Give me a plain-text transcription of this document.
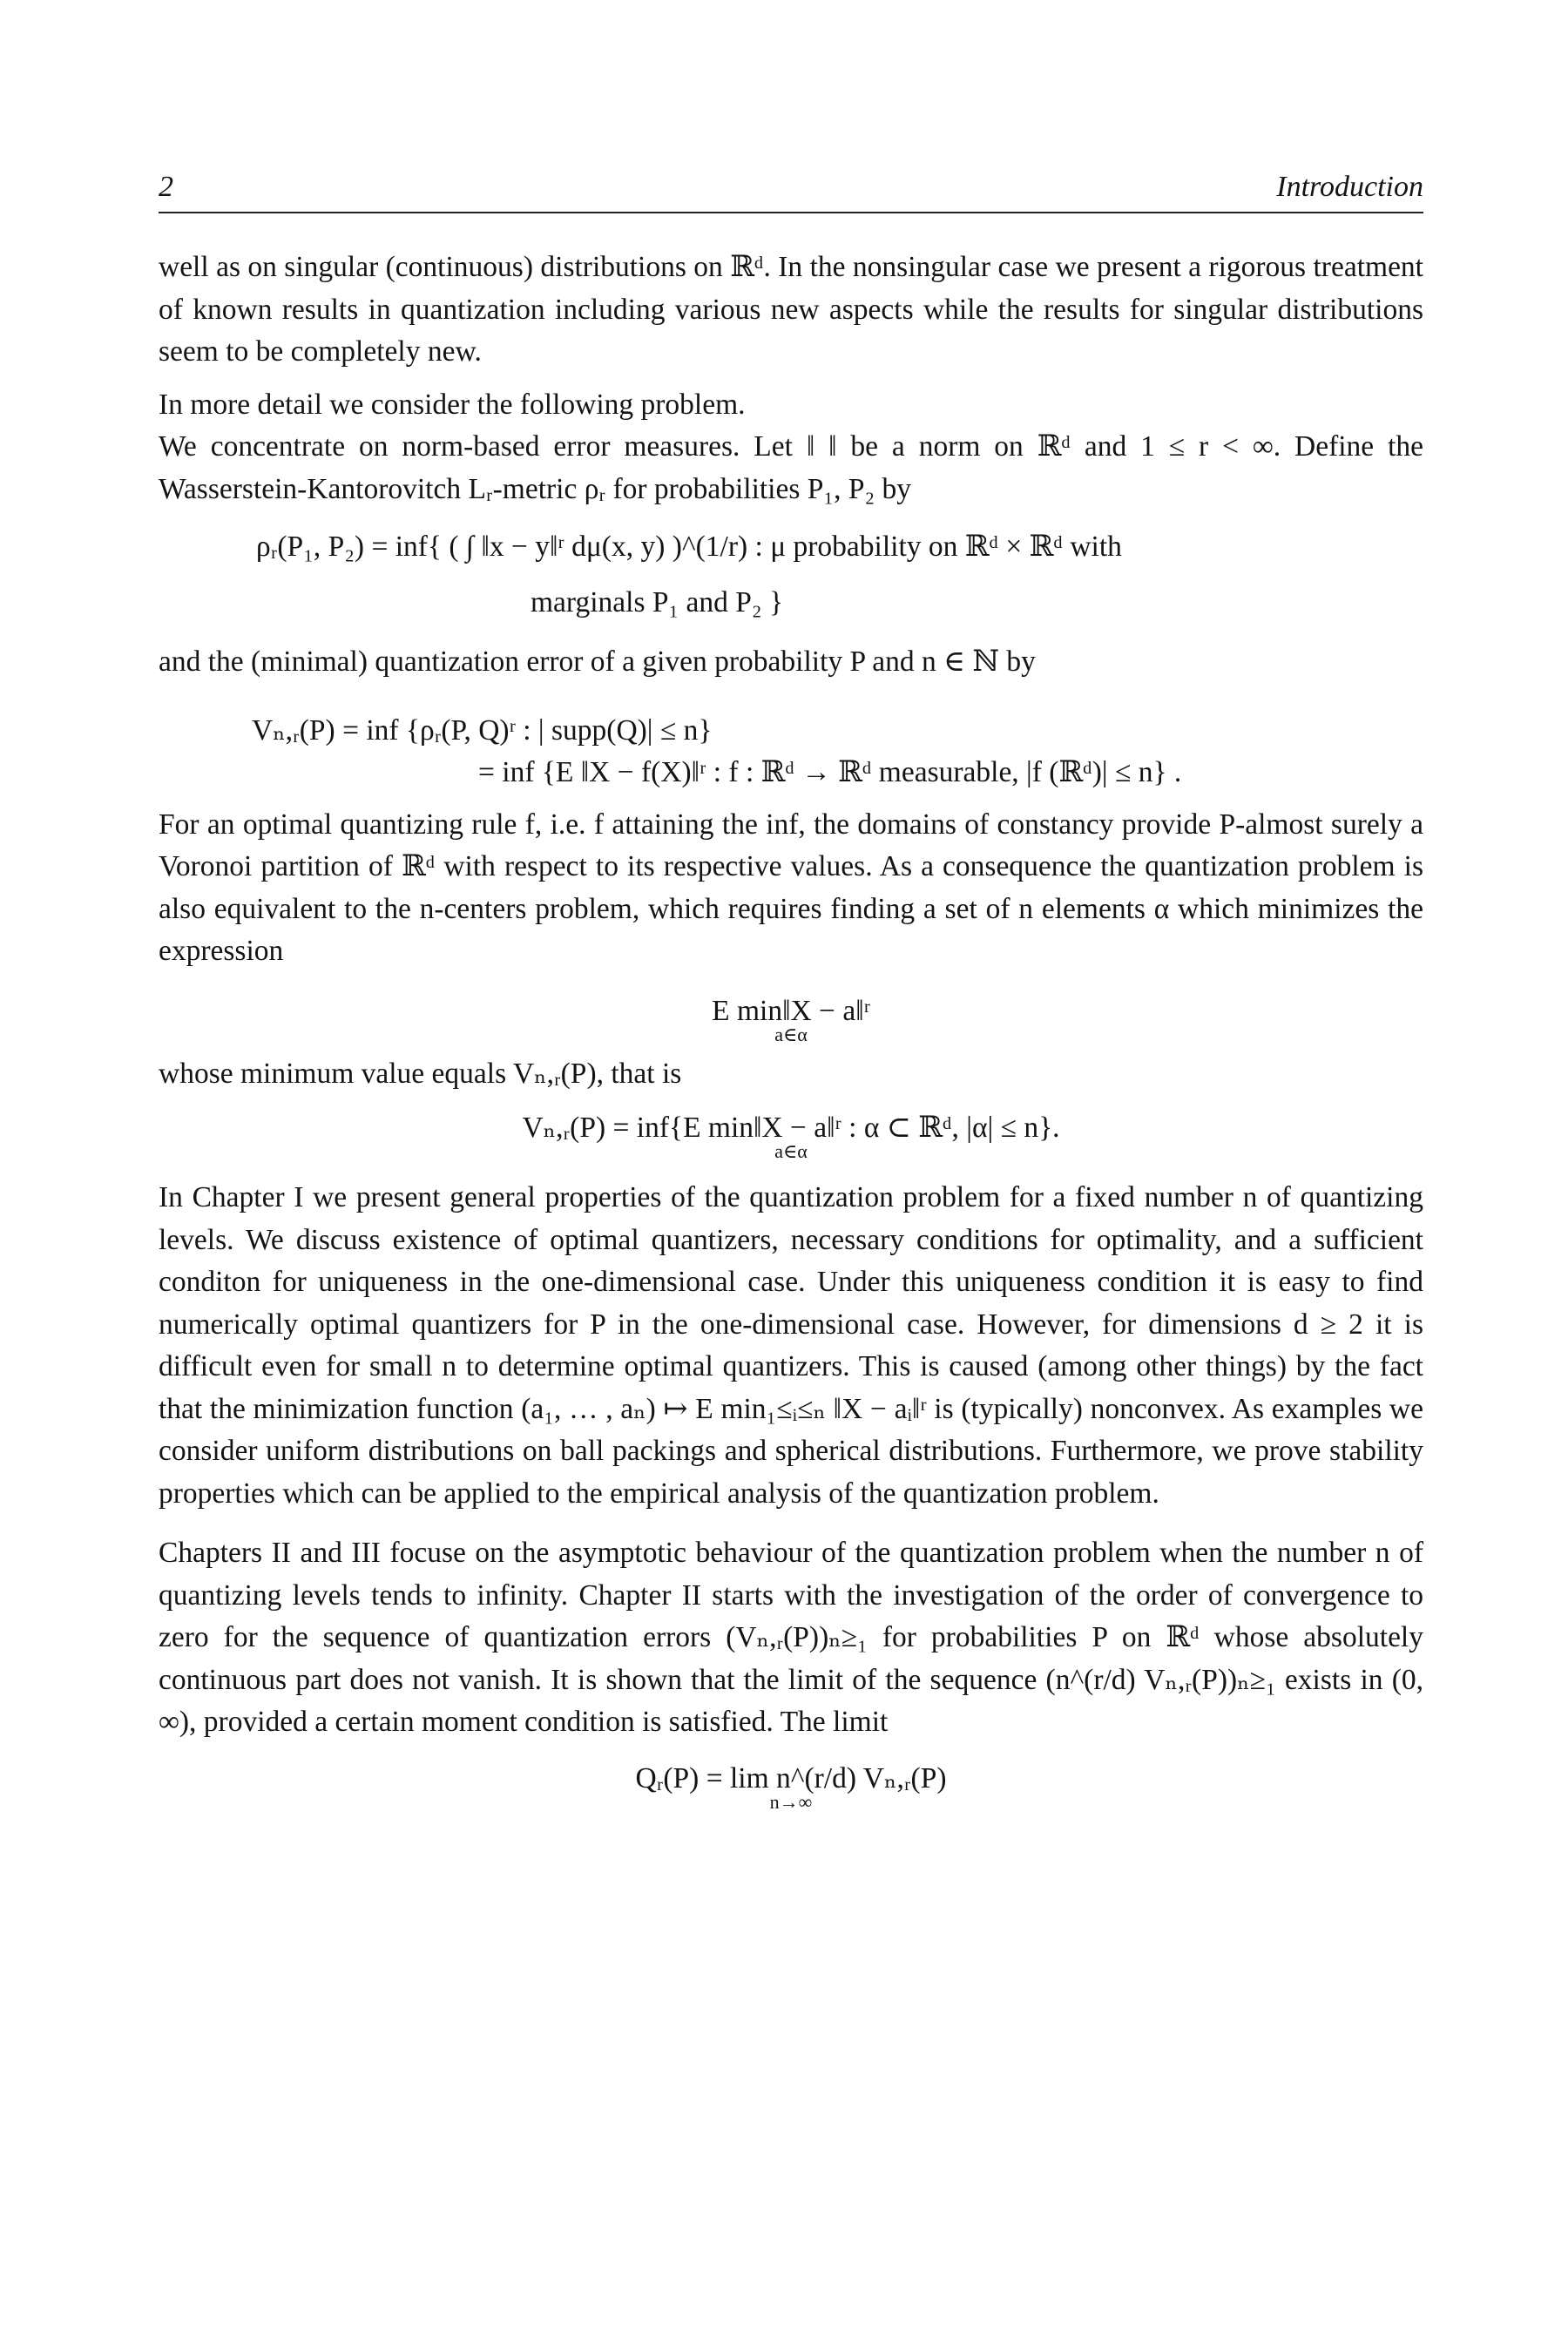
2	Introduction

well as on singular (continuous) distributions on ℝᵈ. In the nonsingular case we present a rigorous treatment of known results in quantization including various new aspects while the results for singular distributions seem to be completely new.

In more detail we consider the following problem.

We concentrate on norm-based error measures. Let ‖ ‖ be a norm on ℝᵈ and 1 ≤ r < ∞. Define the Wasserstein-Kantorovitch Lᵣ-metric ρᵣ for probabilities P₁, P₂ by

ρᵣ(P₁, P₂) = inf{ ( ∫ ‖x − y‖ʳ dμ(x, y) )^(1/r) : μ probability on ℝᵈ × ℝᵈ with
marginals P₁ and P₂ }

and the (minimal) quantization error of a given probability P and n ∈ ℕ by

Vₙ,ᵣ(P) = inf {ρᵣ(P, Q)ʳ : | supp(Q)| ≤ n}
= inf {E ‖X − f(X)‖ʳ : f : ℝᵈ → ℝᵈ measurable, |f (ℝᵈ)| ≤ n} .

For an optimal quantizing rule f, i.e. f attaining the inf, the domains of constancy provide P-almost surely a Voronoi partition of ℝᵈ with respect to its respective values. As a consequence the quantization problem is also equivalent to the n-centers problem, which requires finding a set of n elements α which minimizes the expression

E min‖X − a‖ʳ
a∈α

whose minimum value equals Vₙ,ᵣ(P), that is

Vₙ,ᵣ(P) = inf{E min‖X − a‖ʳ : α ⊂ ℝᵈ, |α| ≤ n}.
a∈α

In Chapter I we present general properties of the quantization problem for a fixed number n of quantizing levels. We discuss existence of optimal quantizers, necessary conditions for optimality, and a sufficient conditon for uniqueness in the one-dimensional case. Under this uniqueness condition it is easy to find numerically optimal quantizers for P in the one-dimensional case. However, for dimensions d ≥ 2 it is difficult even for small n to determine optimal quantizers. This is caused (among other things) by the fact that the minimization function (a₁, … , aₙ) ↦ E min₁≤ᵢ≤ₙ ‖X − aᵢ‖ʳ is (typically) nonconvex. As examples we consider uniform distributions on ball packings and spherical distributions. Furthermore, we prove stability properties which can be applied to the empirical analysis of the quantization problem.

Chapters II and III focuse on the asymptotic behaviour of the quantization problem when the number n of quantizing levels tends to infinity. Chapter II starts with the investigation of the order of convergence to zero for the sequence of quantization errors (Vₙ,ᵣ(P))ₙ≥₁ for probabilities P on ℝᵈ whose absolutely continuous part does not vanish. It is shown that the limit of the sequence (n^(r/d) Vₙ,ᵣ(P))ₙ≥₁ exists in (0, ∞), provided a certain moment condition is satisfied. The limit

Qᵣ(P) = lim n^(r/d) Vₙ,ᵣ(P)
n→∞
